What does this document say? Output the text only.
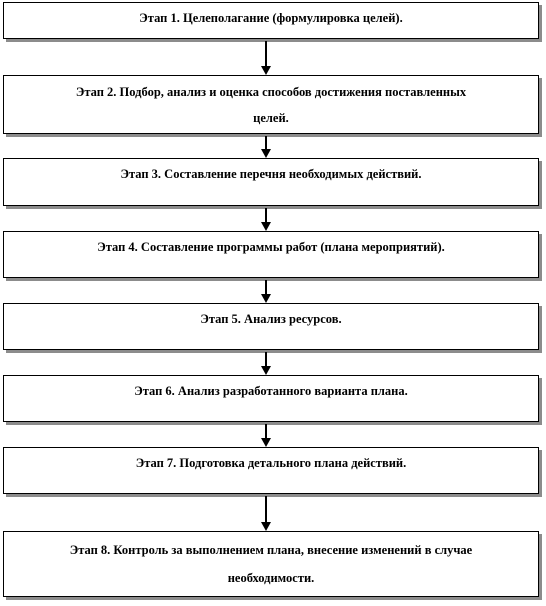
Этап 1. Целеполагание (формулировка целей).
Этап 2. Подбор, анализ и оценка способов достижения поставленных целей.
Этап 3. Составление перечня необходимых действий.
Этап 4. Составление программы работ (плана мероприятий).
Этап 5. Анализ ресурсов.
Этап 6. Анализ разработанного варианта плана.
Этап 7. Подготовка детального плана действий.
Этап 8. Контроль за выполнением плана, внесение изменений в случае необходимости.
